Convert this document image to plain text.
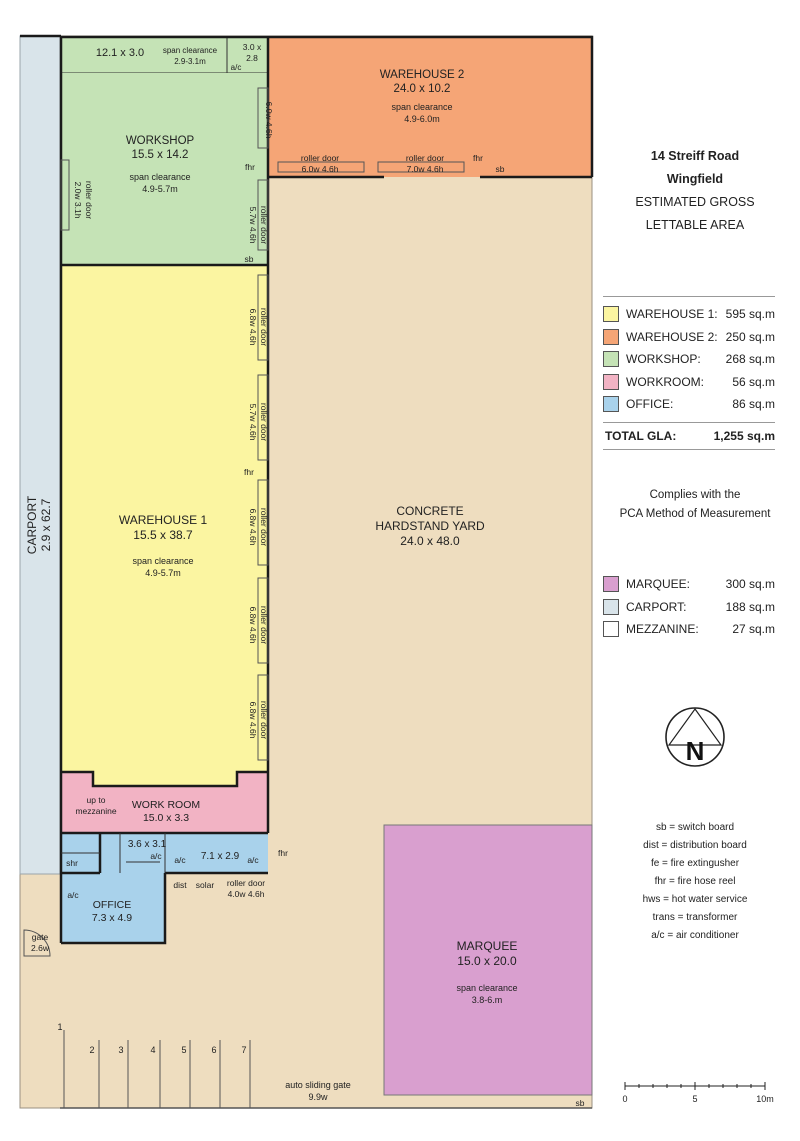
12.1 x 3.0 span clearance
2.9-3.1m
3.0 x
2.8
a/c
WAREHOUSE 2
24.0 x 10.2
span clearance
4.9-6.0m
WORKSHOP
15.5 x 14.2
span clearance
4.9-5.7m
WAREHOUSE 1
15.5 x 38.7
span clearance
4.9-5.7m
CONCRETE
HARDSTAND YARD
24.0 x 48.0
CARPORT 2.9 x 62.7
WORK ROOM
15.0 x 3.3
up to
mezzanine
3.6 x 3.1
a/c	7.1 x 2.9
a/c	a/c
shr
OFFICE
7.3 x 4.9
a/c
MARQUEE
15.0 x 20.0
span clearance
3.8-6.m
roller door
6.0w 4.6h
roller door
7.0w 4.6h
roller door
2.0w 3.1h
6.0w 4.6h
roller door
5.7w 4.6h
roller door
6.8w 4.6h
roller door
5.7w 4.6h
roller door
6.8w 4.6h
roller door
6.8w 4.6h
roller door
6.8w 4.6h
roller door
4.0w 4.6h
dist solar
fhr
fhr
sb
sb
fhr
fhr
sb
gate
2.6w
auto sliding gate
9.9w
1
2	3	4	5	6	7
14 Streiff Road
Wingfield
ESTIMATED GROSS
LETTABLE AREA
WAREHOUSE 1: 595 sq.m
WAREHOUSE 2: 250 sq.m
WORKSHOP:	268 sq.m
WORKROOM:	56 sq.m
OFFICE:	86 sq.m
TOTAL GLA:	1,255 sq.m
Complies with the
PCA Method of Measurement
MARQUEE:	300 sq.m
CARPORT:	188 sq.m
MEZZANINE:	27 sq.m
N
sb = switch board
dist = distribution board
fe = fire extingusher
fhr = fire hose reel
hws = hot water service
trans = transformer
a/c = air conditioner
0	5	10m
